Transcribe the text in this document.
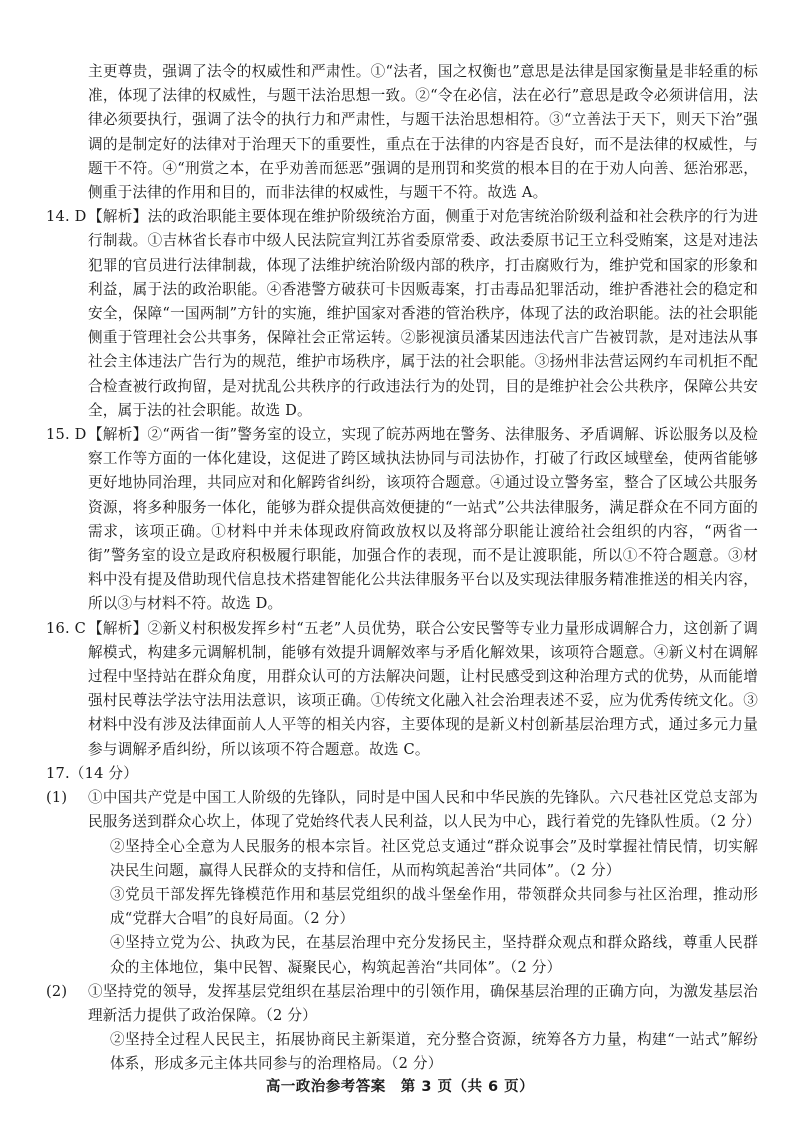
主更尊贵，强调了法令的权威性和严肃性。①“法者，国之权衡也”意思是法律是国家衡量是非轻重的标准，体现了法律的权威性，与题干法治思想一致。②“令在必信，法在必行”意思是政令必须讲信用，法律必须要执行，强调了法令的执行力和严肃性，与题干法治思想相符。③“立善法于天下，则天下治”强调的是制定好的法律对于治理天下的重要性，重点在于法律的内容是否良好，而不是法律的权威性，与题干不符。④“刑赏之本，在乎劝善而惩恶”强调的是刑罚和奖赏的根本目的在于劝人向善、惩治邪恶，侧重于法律的作用和目的，而非法律的权威性，与题干不符。故选 A。

14. D 【解析】法的政治职能主要体现在维护阶级统治方面，侧重于对危害统治阶级利益和社会秩序的行为进行制裁。①吉林省长春市中级人民法院宣判江苏省委原常委、政法委原书记王立科受贿案，这是对违法犯罪的官员进行法律制裁，体现了法维护统治阶级内部的秩序，打击腐败行为，维护党和国家的形象和利益，属于法的政治职能。④香港警方破获可卡因贩毒案，打击毒品犯罪活动，维护香港社会的稳定和安全，保障“一国两制”方针的实施，维护国家对香港的管治秩序，体现了法的政治职能。法的社会职能侧重于管理社会公共事务，保障社会正常运转。②影视演员潘某因违法代言广告被罚款，是对违法从事社会主体违法广告行为的规范，维护市场秩序，属于法的社会职能。③扬州非法营运网约车司机拒不配合检查被行政拘留，是对扰乱公共秩序的行政违法行为的处罚，目的是维护社会公共秩序，保障公共安全，属于法的社会职能。故选 D。

15. D 【解析】②“两省一街”警务室的设立，实现了皖苏两地在警务、法律服务、矛盾调解、诉讼服务以及检察工作等方面的一体化建设，这促进了跨区域执法协同与司法协作，打破了行政区域壁垒，使两省能够更好地协同治理，共同应对和化解跨省纠纷，该项符合题意。④通过设立警务室，整合了区域公共服务资源，将多种服务一体化，能够为群众提供高效便捷的“一站式”公共法律服务，满足群众在不同方面的需求，该项正确。①材料中并未体现政府简政放权以及将部分职能让渡给社会组织的内容，“两省一街”警务室的设立是政府积极履行职能，加强合作的表现，而不是让渡职能，所以①不符合题意。③材料中没有提及借助现代信息技术搭建智能化公共法律服务平台以及实现法律服务精准推送的相关内容，所以③与材料不符。故选 D。

16. C 【解析】②新义村积极发挥乡村“五老”人员优势，联合公安民警等专业力量形成调解合力，这创新了调解模式，构建多元调解机制，能够有效提升调解效率与矛盾化解效果，该项符合题意。④新义村在调解过程中坚持站在群众角度，用群众认可的方法解决问题，让村民感受到这种治理方式的优势，从而能增强村民尊法学法守法用法意识，该项正确。①传统文化融入社会治理表述不妥，应为优秀传统文化。③材料中没有涉及法律面前人人平等的相关内容，主要体现的是新义村创新基层治理方式，通过多元力量参与调解矛盾纠纷，所以该项不符合题意。故选 C。

17.（14 分）

(1) ①中国共产党是中国工人阶级的先锋队，同时是中国人民和中华民族的先锋队。六尺巷社区党总支部为民服务送到群众心坎上，体现了党始终代表人民利益，以人民为中心，践行着党的先锋队性质。（2 分）

②坚持全心全意为人民服务的根本宗旨。社区党总支通过“群众说事会”及时掌握社情民情，切实解决民生问题，赢得人民群众的支持和信任，从而构筑起善治“共同体”。（2 分）

③党员干部发挥先锋模范作用和基层党组织的战斗堡垒作用，带领群众共同参与社区治理，推动形成“党群大合唱”的良好局面。（2 分）

④坚持立党为公、执政为民，在基层治理中充分发扬民主，坚持群众观点和群众路线，尊重人民群众的主体地位，集中民智、凝聚民心，构筑起善治“共同体”。（2 分）

(2) ①坚持党的领导，发挥基层党组织在基层治理中的引领作用，确保基层治理的正确方向，为激发基层治理新活力提供了政治保障。（2 分）

②坚持全过程人民民主，拓展协商民主新渠道，充分整合资源，统筹各方力量，构建“一站式”解纷体系，形成多元主体共同参与的治理格局。（2 分）

高一政治参考答案　第 3 页（共 6 页）
